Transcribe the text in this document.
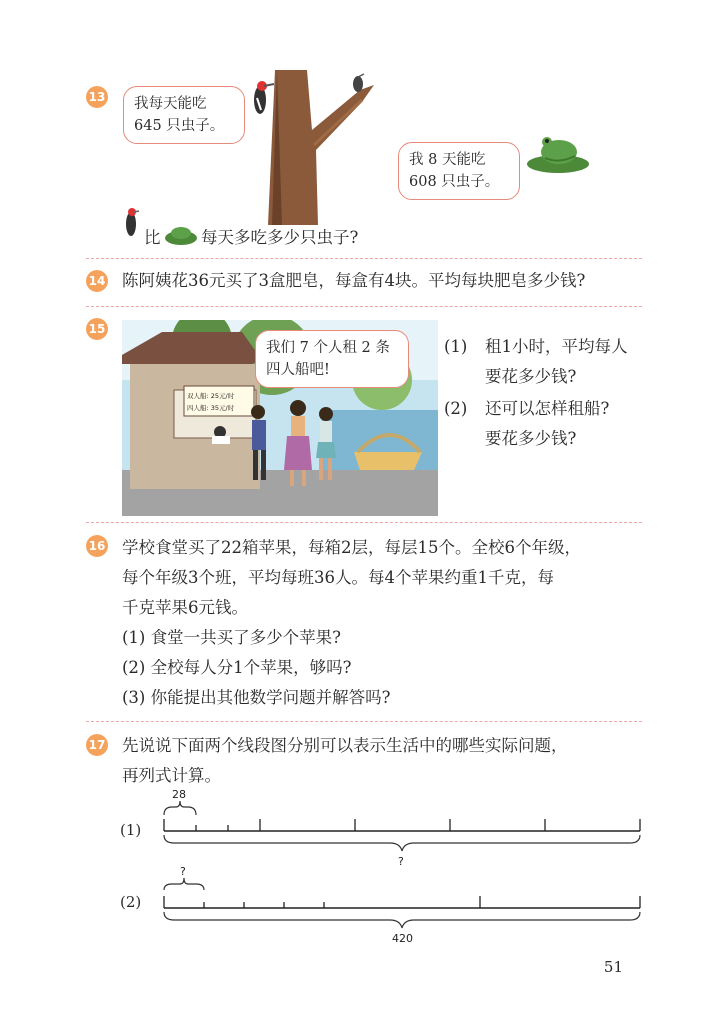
13 我每天能吃
645 只虫子。
我 8 天能吃
608 只虫子。
比 每天多吃多少只虫子?
14 陈阿姨花36元买了3盒肥皂，每盒有4块。平均每块肥皂多少钱?
15
双人船: 25元/时
四人船: 35元/时
我们 7 个人租 2 条
四人船吧!
(1) 租1小时，平均每人
要花多少钱?
(2) 还可以怎样租船?
要花多少钱?
16 学校食堂买了22箱苹果，每箱2层，每层15个。全校6个年级，
每个年级3个班，平均每班36人。每4个苹果约重1千克，每
千克苹果6元钱。
(1) 食堂一共买了多少个苹果?
(2) 全校每人分1个苹果，够吗?
(3) 你能提出其他数学问题并解答吗?
17 先说说下面两个线段图分别可以表示生活中的哪些实际问题，
再列式计算。
(1)
28
?
(2)
?
420
51
